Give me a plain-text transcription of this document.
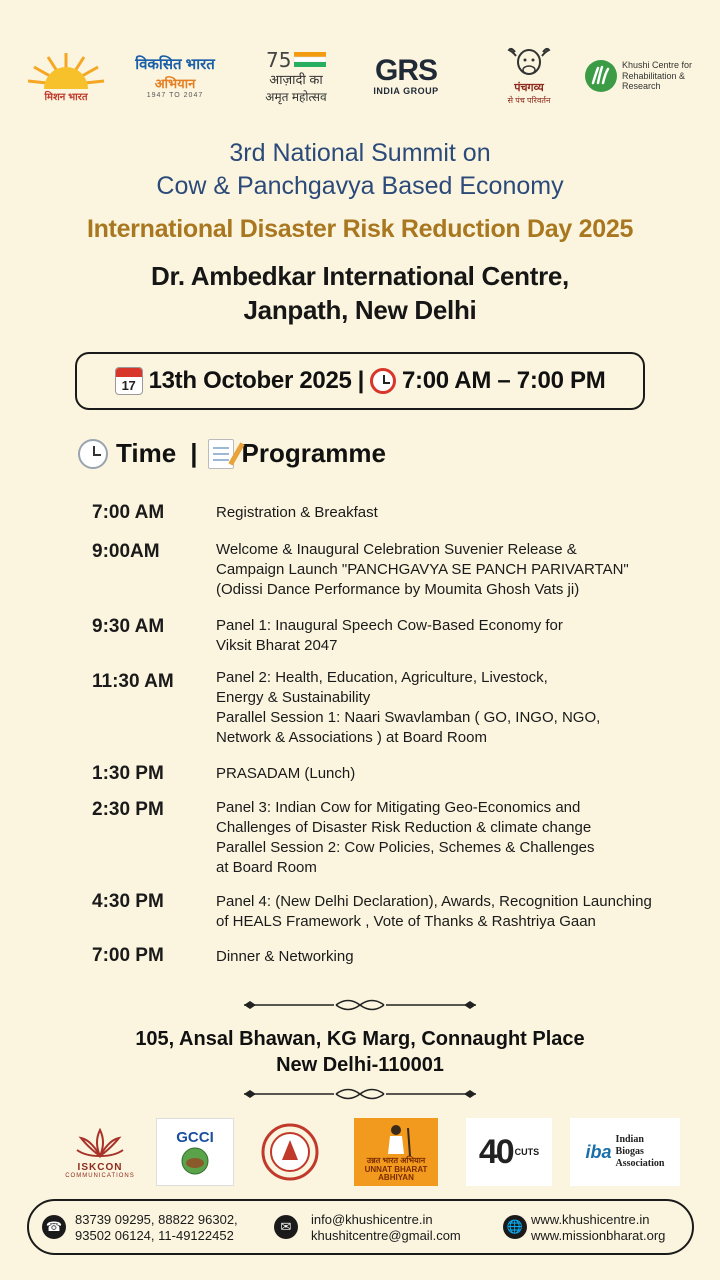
मिशन भारत
विकसित भारत
अभियान
1947 TO 2047
75
आज़ादी का
अमृत महोत्सव
GRS
INDIA GROUP	पंचगव्य
से पंच परिवर्तन
Khushi Centre for Rehabilitation & Research
3rd National Summit on
Cow & Panchgavya Based Economy
International Disaster Risk Reduction Day 2025
Dr. Ambedkar International Centre,
Janpath, New Delhi
17 13th October 2025 | 7:00 AM – 7:00 PM
Time | Programme
7:00 AM	Registration & Breakfast
9:00AM	Welcome & Inaugural Celebration Suvenier Release &
Campaign Launch "PANCHGAVYA SE PANCH PARIVARTAN"
(Odissi Dance Performance by Moumita Ghosh Vats ji)
9:30 AM	Panel 1: Inaugural Speech Cow-Based Economy for
Viksit Bharat 2047
11:30 AM	Panel 2: Health, Education, Agriculture, Livestock,
Energy & Sustainability
Parallel Session 1: Naari Swavlamban ( GO, INGO, NGO,
Network & Associations ) at Board Room
1:30 PM	PRASADAM (Lunch)
2:30 PM	Panel 3: Indian Cow for Mitigating Geo-Economics and
Challenges of Disaster Risk Reduction & climate change
Parallel Session 2: Cow Policies, Schemes & Challenges
at Board Room
4:30 PM	Panel 4: (New Delhi Declaration), Awards, Recognition Launching
of HEALS Framework , Vote of Thanks & Rashtriya Gaan
7:00 PM	Dinner & Networking
105, Ansal Bhawan, KG Marg, Connaught Place
New Delhi-110001
ISKCON
COMMUNICATIONS
GCCI
उन्नत भारत अभियान
UNNAT BHARAT ABHIYAN
40 CUTS	iba
Indian
Biogas
Association
☎ 83739 09295, 88822 96302,
93502 06124, 11-49122452
✉	info@khushicentre.in
khushitcentre@gmail.com
🌐 www.khushicentre.in
www.missionbharat.org
